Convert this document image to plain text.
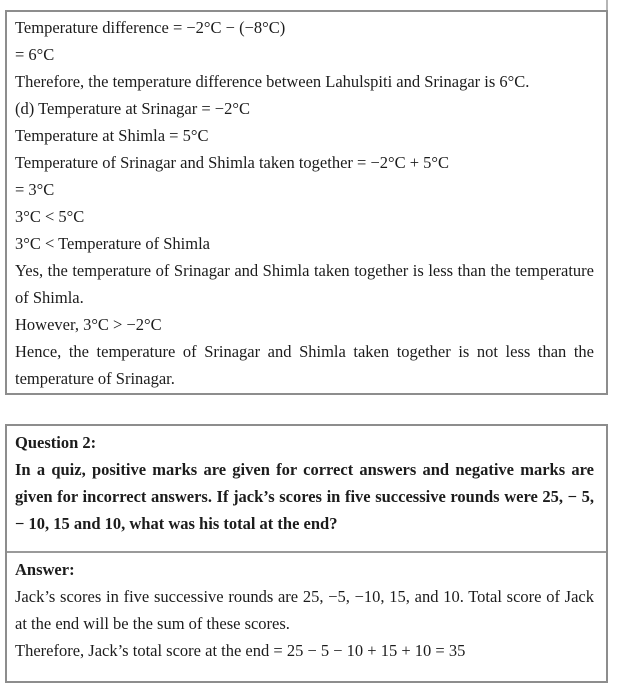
Temperature difference = −2°C − (−8°C)

= 6°C

Therefore, the temperature difference between Lahulspiti and Srinagar is 6°C.

(d) Temperature at Srinagar = −2°C

Temperature at Shimla = 5°C

Temperature of Srinagar and Shimla taken together = −2°C + 5°C

= 3°C

3°C < 5°C

3°C < Temperature of Shimla

Yes, the temperature of Srinagar and Shimla taken together is less than the temperature of Shimla.

However, 3°C > −2°C

Hence, the temperature of Srinagar and Shimla taken together is not less than the temperature of Srinagar.

Question 2:

In a quiz, positive marks are given for correct answers and negative marks are given for incorrect answers. If jack’s scores in five successive rounds were 25, − 5, − 10, 15 and 10, what was his total at the end?

Answer:

Jack’s scores in five successive rounds are 25, −5, −10, 15, and 10. Total score of Jack at the end will be the sum of these scores.

Therefore, Jack’s total score at the end = 25 − 5 − 10 + 15 + 10 = 35
